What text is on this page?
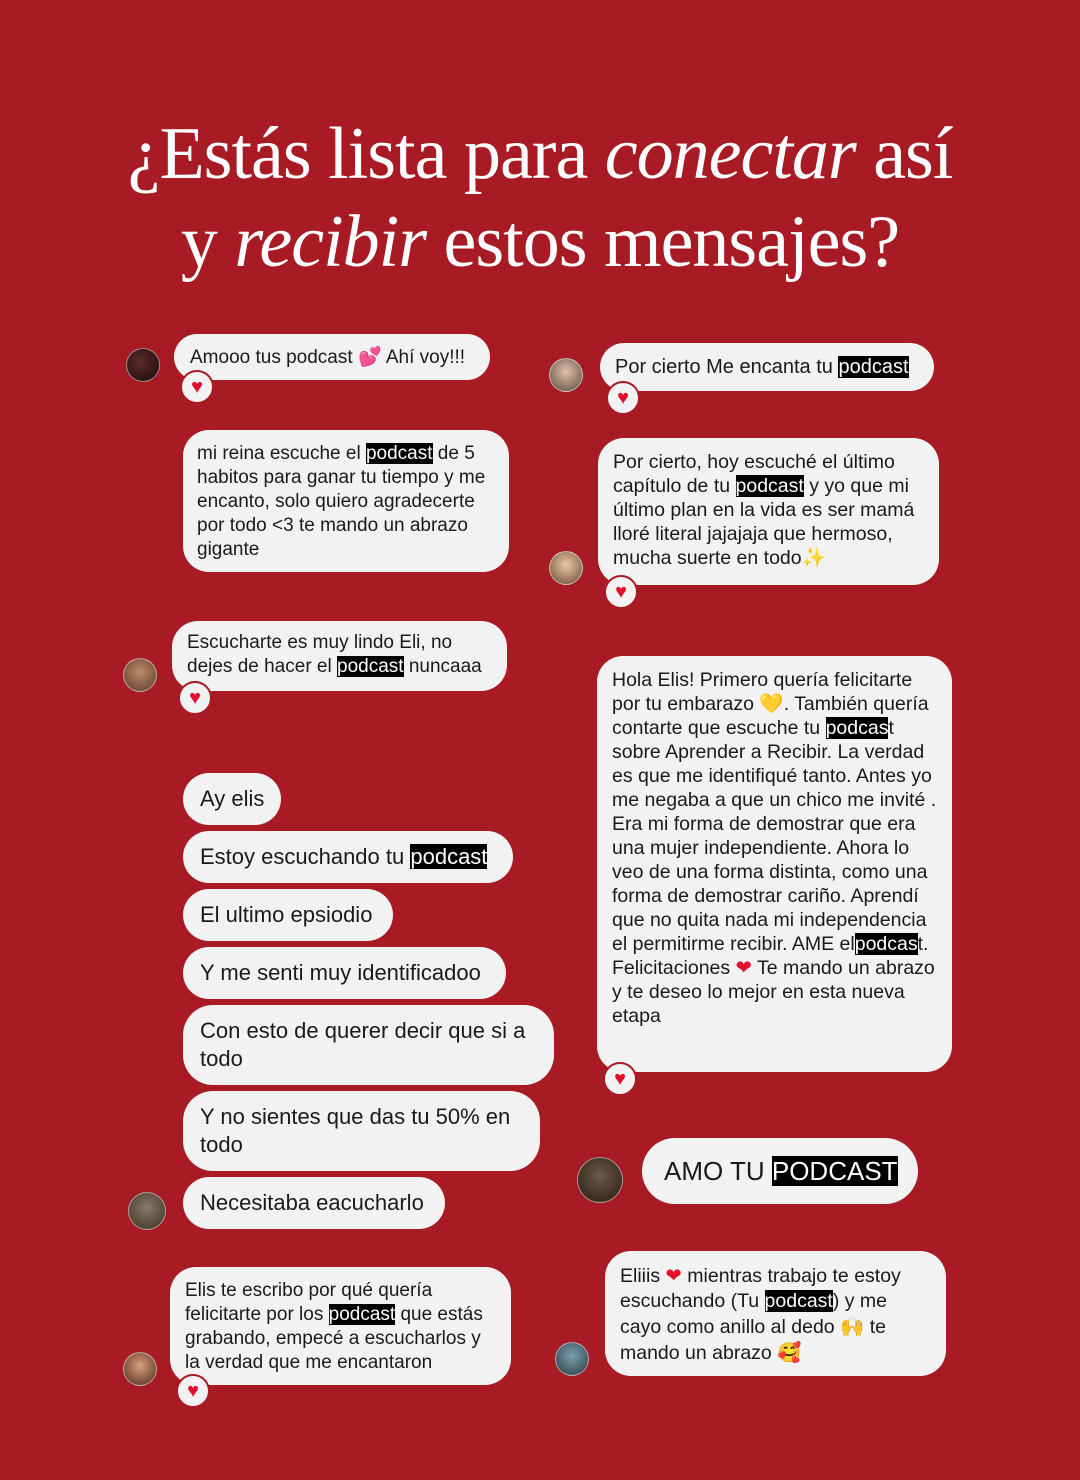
¿Estás lista para conectar así
y recibir estos mensajes?
Amooo tus podcast 💕 Ahí voy!!!
♥
mi reina escuche el podcast de 5 habitos para ganar tu tiempo y me encanto, solo quiero agradecerte por todo <3 te mando un abrazo gigante
Escucharte es muy lindo Eli, no dejes de hacer el podcast nuncaaa
♥
Ay elis
Estoy escuchando tu podcast
El ultimo epsiodio
Y me senti muy identificadoo
Con esto de querer decir que si a todo
Y no sientes que das tu 50% en todo
Necesitaba eacucharlo
Elis te escribo por qué quería felicitarte por los podcast que estás grabando, empecé a escucharlos y la verdad que me encantaron
♥
Por cierto Me encanta tu podcast
♥
Por cierto, hoy escuché el último capítulo de tu podcast y yo que mi último plan en la vida es ser mamá lloré literal jajajaja que hermoso, mucha suerte en todo✨
♥
Hola Elis! Primero quería felicitarte por tu embarazo 💛. También quería contarte que escuche tu podcast sobre Aprender a Recibir. La verdad es que me identifiqué tanto. Antes yo me negaba a que un chico me invité . Era mi forma de demostrar que era una mujer independiente. Ahora lo veo de una forma distinta, como una forma de demostrar cariño. Aprendí que no quita nada mi independencia el permitirme recibir. AME elpodcast. Felicitaciones ❤ Te mando un abrazo y te deseo lo mejor en esta nueva etapa
♥
AMO TU PODCAST
Eliiis ❤ mientras trabajo te estoy escuchando (Tu podcast) y me cayo como anillo al dedo 🙌 te mando un abrazo 🥰
